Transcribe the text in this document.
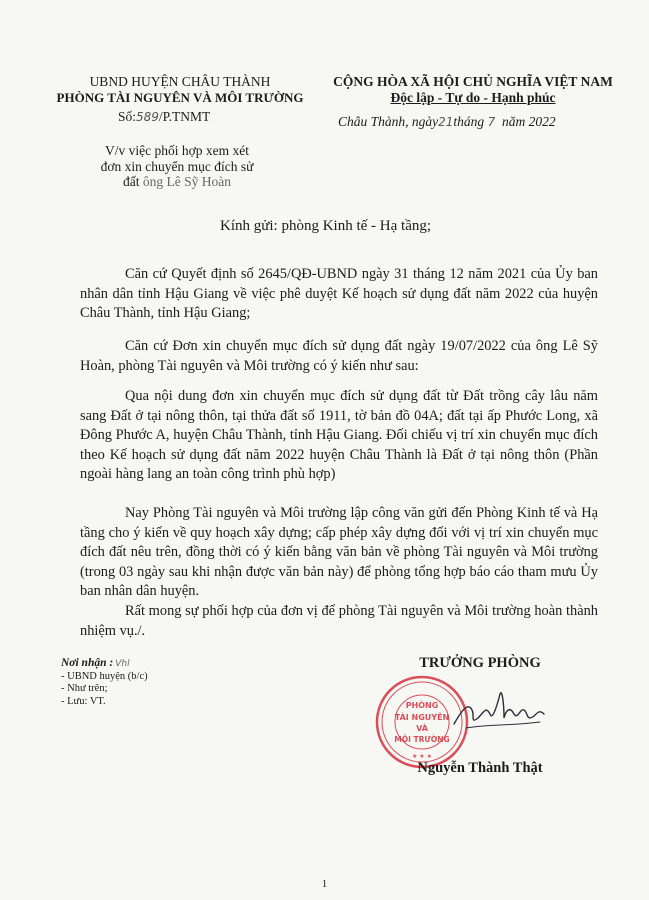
UBND HUYỆN CHÂU THÀNH
PHÒNG TÀI NGUYÊN VÀ MÔI TRƯỜNG
CỘNG HÒA XÃ HỘI CHỦ NGHĨA VIỆT NAM
Độc lập - Tự do - Hạnh phúc
Số:589/P.TNMT	Châu Thành, ngày21tháng 7 năm 2022
V/v việc phối hợp xem xét
đơn xin chuyển mục đích sử
đất ông Lê Sỹ Hoàn
Kính gửi: phòng Kinh tế - Hạ tầng;
Căn cứ Quyết định số 2645/QĐ-UBND ngày 31 tháng 12 năm 2021 của Ủy ban nhân dân tỉnh Hậu Giang về việc phê duyệt Kế hoạch sử dụng đất năm 2022 của huyện Châu Thành, tỉnh Hậu Giang;
Căn cứ Đơn xin chuyển mục đích sử dụng đất ngày 19/07/2022 của ông Lê Sỹ Hoàn, phòng Tài nguyên và Môi trường có ý kiến như sau:
Qua nội dung đơn xin chuyển mục đích sử dụng đất từ Đất trồng cây lâu năm sang Đất ở tại nông thôn, tại thửa đất số 1911, tờ bản đồ 04A; đất tại ấp Phước Long, xã Đông Phước A, huyện Châu Thành, tỉnh Hậu Giang. Đối chiếu vị trí xin chuyển mục đích theo Kế hoạch sử dụng đất năm 2022 huyện Châu Thành là Đất ở tại nông thôn (Phần ngoài hàng lang an toàn công trình phù hợp)
Nay Phòng Tài nguyên và Môi trường lập công văn gửi đến Phòng Kinh tế và Hạ tầng cho ý kiến về quy hoạch xây dựng; cấp phép xây dựng đối với vị trí xin chuyển mục đích đất nêu trên, đồng thời có ý kiến bằng văn bản về phòng Tài nguyên và Môi trường (trong 03 ngày sau khi nhận được văn bản này) để phòng tổng hợp báo cáo tham mưu Ủy ban nhân dân huyện.
Rất mong sự phối hợp của đơn vị để phòng Tài nguyên và Môi trường hoàn thành nhiệm vụ./.
Nơi nhận : Vhl
- UBND huyện (b/c)
- Như trên;
- Lưu: VT.
TRƯỞNG PHÒNG
PHÒNG
TÀI NGUYÊN
VÀ
MÔI TRƯỜNG
★ ★ ★
Nguyễn Thành Thật
1
